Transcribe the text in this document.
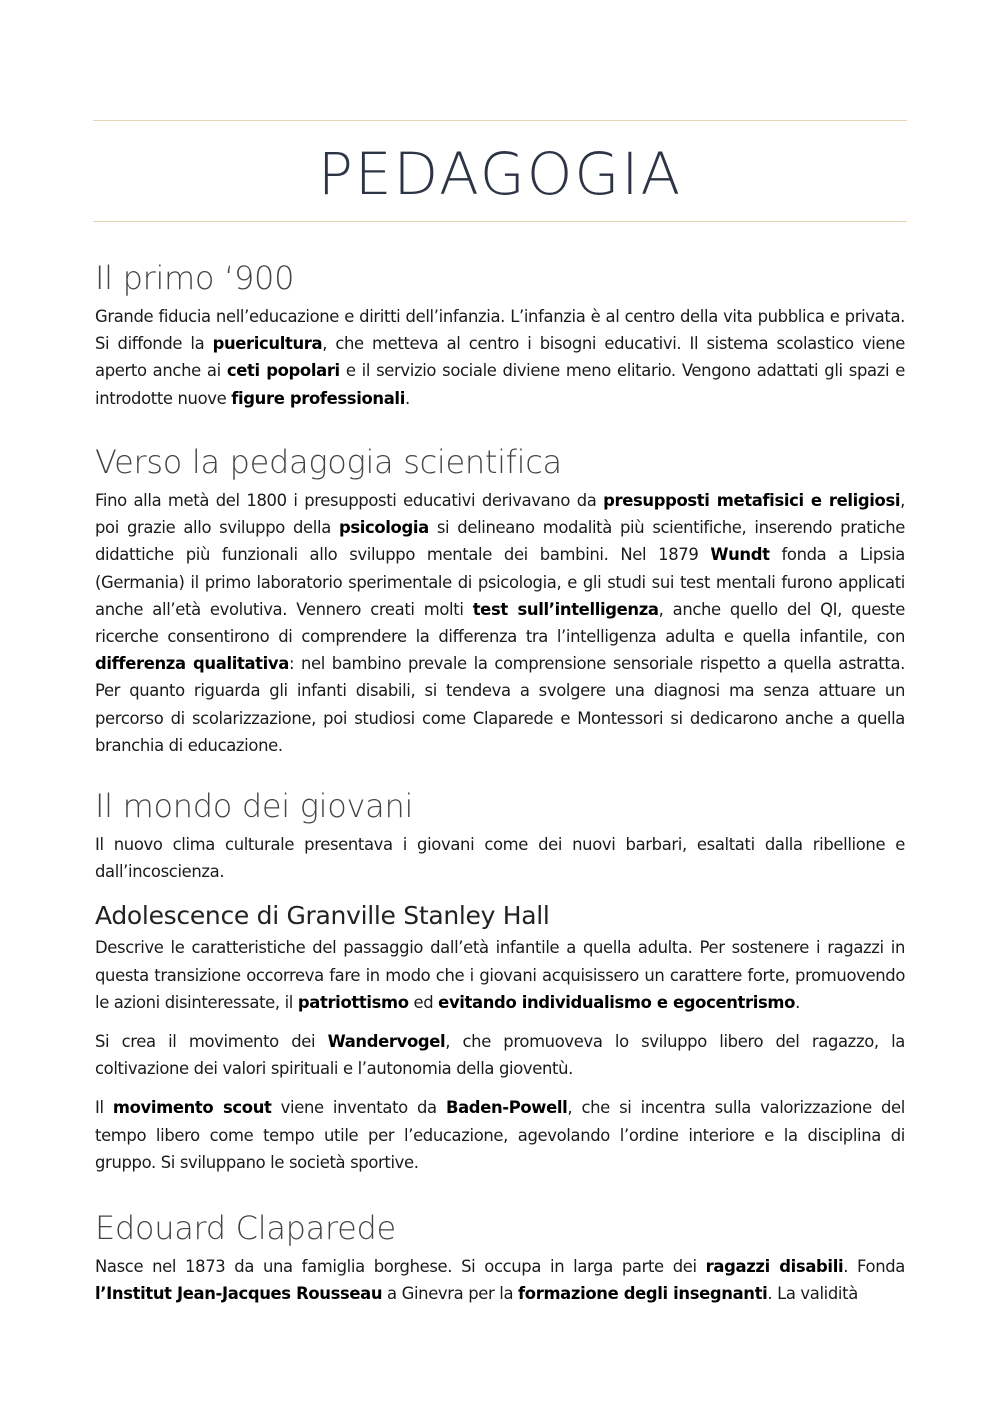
PEDAGOGIA
Il primo ‘900

Grande fiducia nell’educazione e diritti dell’infanzia. L’infanzia è al centro della vita pubblica e privata. Si diffonde la puericultura, che metteva al centro i bisogni educativi. Il sistema scolastico viene aperto anche ai ceti popolari e il servizio sociale diviene meno elitario. Vengono adattati gli spazi e introdotte nuove figure professionali.

Verso la pedagogia scientifica

Fino alla metà del 1800 i presupposti educativi derivavano da presupposti metafisici e religiosi, poi grazie allo sviluppo della psicologia si delineano modalità più scientifiche, inserendo pratiche didattiche più funzionali allo sviluppo mentale dei bambini. Nel 1879 Wundt fonda a Lipsia (Germania) il primo laboratorio sperimentale di psicologia, e gli studi sui test mentali furono applicati anche all’età evolutiva. Vennero creati molti test sull’intelligenza, anche quello del QI, queste ricerche consentirono di comprendere la differenza tra l’intelligenza adulta e quella infantile, con differenza qualitativa: nel bambino prevale la comprensione sensoriale rispetto a quella astratta. Per quanto riguarda gli infanti disabili, si tendeva a svolgere una diagnosi ma senza attuare un percorso di scolarizzazione, poi studiosi come Claparede e Montessori si dedicarono anche a quella branchia di educazione.

Il mondo dei giovani

Il nuovo clima culturale presentava i giovani come dei nuovi barbari, esaltati dalla ribellione e dall’incoscienza.

Adolescence di Granville Stanley Hall

Descrive le caratteristiche del passaggio dall’età infantile a quella adulta. Per sostenere i ragazzi in questa transizione occorreva fare in modo che i giovani acquisissero un carattere forte, promuovendo le azioni disinteressate, il patriottismo ed evitando individualismo e egocentrismo.

Si crea il movimento dei Wandervogel, che promuoveva lo sviluppo libero del ragazzo, la coltivazione dei valori spirituali e l’autonomia della gioventù.

Il movimento scout viene inventato da Baden-Powell, che si incentra sulla valorizzazione del tempo libero come tempo utile per l’educazione, agevolando l’ordine interiore e la disciplina di gruppo. Si sviluppano le società sportive.

Edouard Claparede

Nasce nel 1873 da una famiglia borghese. Si occupa in larga parte dei ragazzi disabili. Fonda l’Institut Jean-Jacques Rousseau a Ginevra per la formazione degli insegnanti. La validità
